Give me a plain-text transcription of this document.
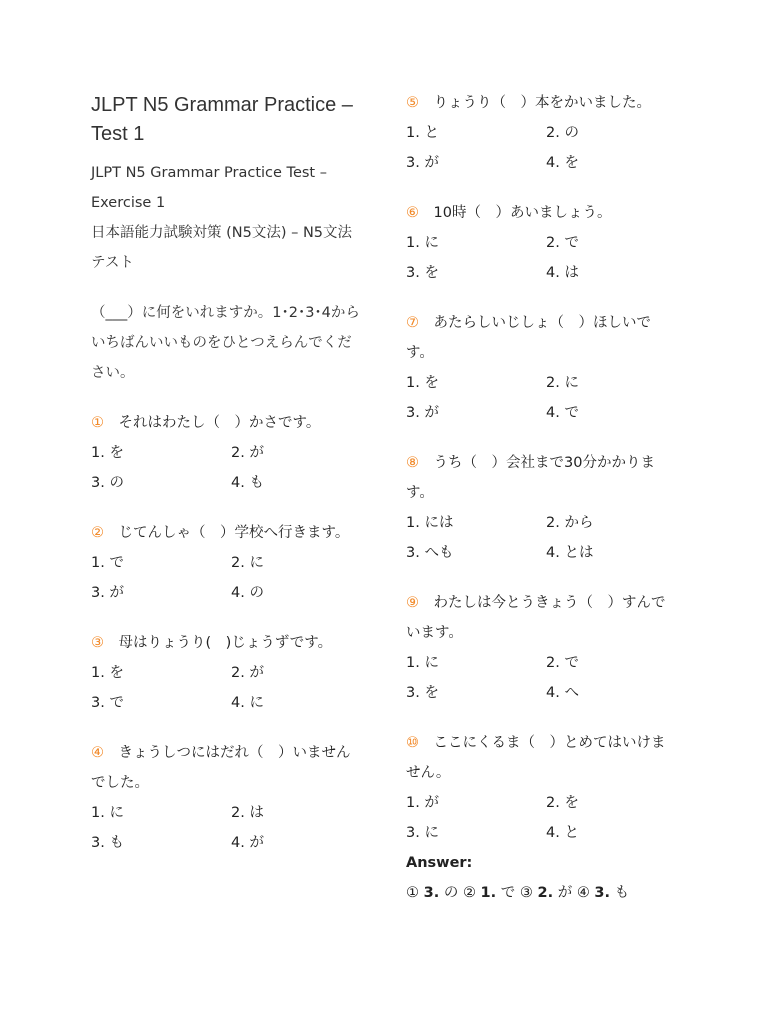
JLPT N5 Grammar Practice – Test 1
JLPT N5 Grammar Practice Test – Exercise 1
日本語能力試験対策 (N5文法) – N5文法テスト
（___）に何をいれますか。1･2･3･4からいちばんいいものをひとつえらんでください。
①　 それはわたし（　）かさです。
1. を	2. が
3. の	4. も
②　 じてんしゃ（　）学校へ行きます。
1. で	2. に
3. が	4. の
③　 母はりょうり(　)じょうずです。
1. を	2. が
3. で	4. に
④　 きょうしつにはだれ（　）いませんでした。
1. に	2. は
3. も	4. が
⑤　 りょうり（　）本をかいました。
1. と	2. の
3. が	4. を
⑥　 10時（　）あいましょう。
1. に	2. で
3. を	4. は
⑦　 あたらしいじしょ（　）ほしいです。
1. を	2. に
3. が	4. で
⑧　 うち（　）会社まで30分かかります。
1. には	2. から
3. へも	4. とは
⑨　 わたしは今とうきょう（　）すんでいます。
1. に	2. で
3. を	4. へ
⑩　 ここにくるま（　）とめてはいけません。
1. が	2. を
3. に	4. と
Answer:
① 3. の ② 1. で ③ 2. が ④ 3. も
